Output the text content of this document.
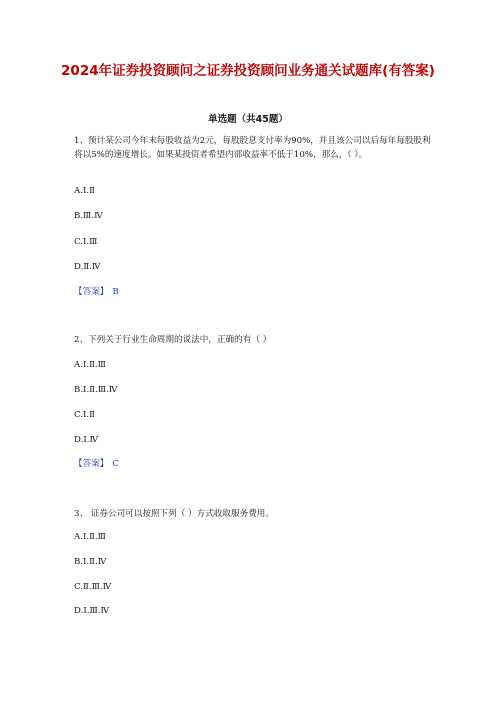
2024年证券投资顾问之证券投资顾问业务通关试题库(有答案)
单选题（共45题）
1、预计某公司今年末每股收益为2元，每股股息支付率为90%，并且该公司以后每年每股股利将以5%的速度增长。如果某投资者希望内部收益率不低于10%，那么，（ ）。
A.Ⅰ.Ⅱ
B.Ⅲ.Ⅳ
C.Ⅰ.Ⅲ
D.Ⅱ.Ⅳ
【答案】 B
2、下列关于行业生命周期的说法中，正确的有（ ）
A.Ⅰ.Ⅱ.Ⅲ
B.Ⅰ.Ⅱ.Ⅲ.Ⅳ
C.Ⅰ.Ⅱ
D.Ⅰ.Ⅳ
【答案】 C
3、 证券公司可以按照下列（ ）方式收取服务费用。
A.Ⅰ.Ⅱ.Ⅲ
B.Ⅰ.Ⅱ.Ⅳ
C.Ⅱ.Ⅲ.Ⅳ
D.Ⅰ.Ⅲ.Ⅳ
